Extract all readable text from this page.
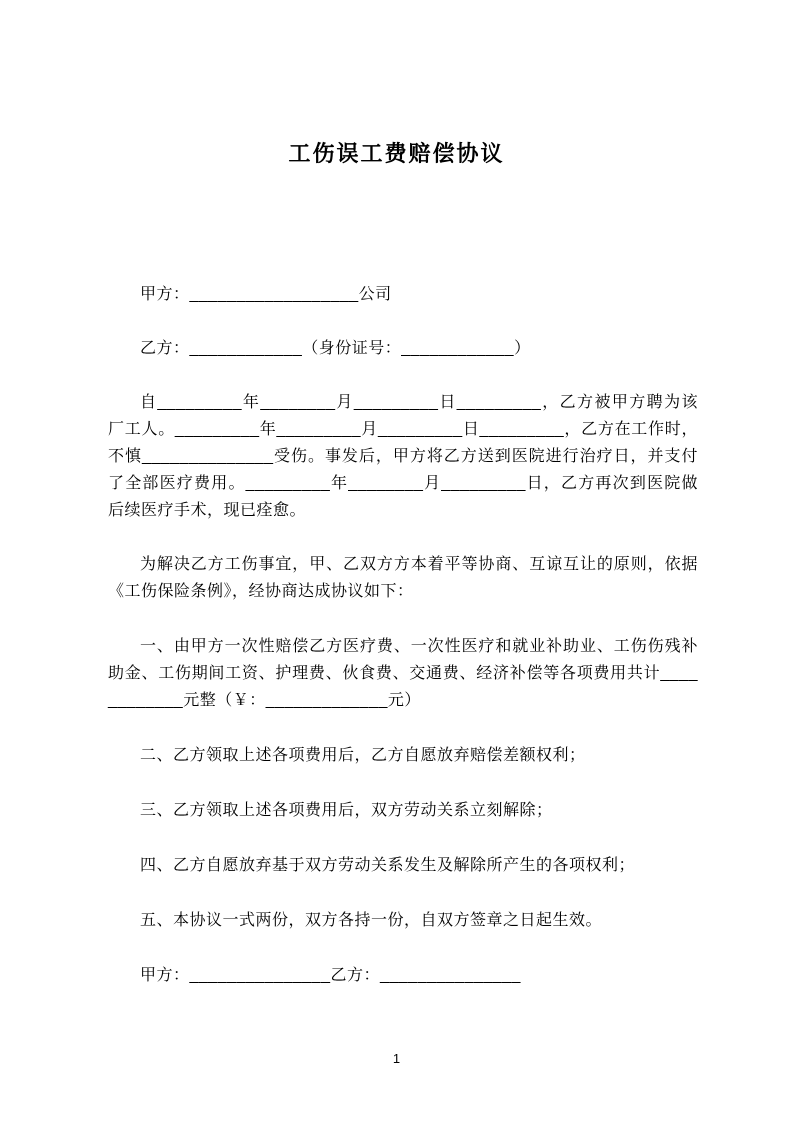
工伤误工费赔偿协议

甲方：__________________公司

乙方：____________（身份证号：____________）

自_________年________月_________日_________，乙方被甲方聘为该厂工人。_________年_________月_________日_________，乙方在工作时，不慎______________受伤。事发后，甲方将乙方送到医院进行治疗日，并支付了全部医疗费用。_________年________月_________日，乙方再次到医院做后续医疗手术，现已痊愈。

为解决乙方工伤事宜，甲、乙双方方本着平等协商、互谅互让的原则，依据《工伤保险条例》，经协商达成协议如下：

一、由甲方一次性赔偿乙方医疗费、一次性医疗和就业补助业、工伤伤残补助金、工伤期间工资、护理费、伙食费、交通费、经济补偿等各项费用共计____________元整（￥：_____________元）

二、乙方领取上述各项费用后，乙方自愿放弃赔偿差额权利；

三、乙方领取上述各项费用后，双方劳动关系立刻解除；

四、乙方自愿放弃基于双方劳动关系发生及解除所产生的各项权利；

五、本协议一式两份，双方各持一份，自双方签章之日起生效。

甲方：_______________乙方：_______________

1
